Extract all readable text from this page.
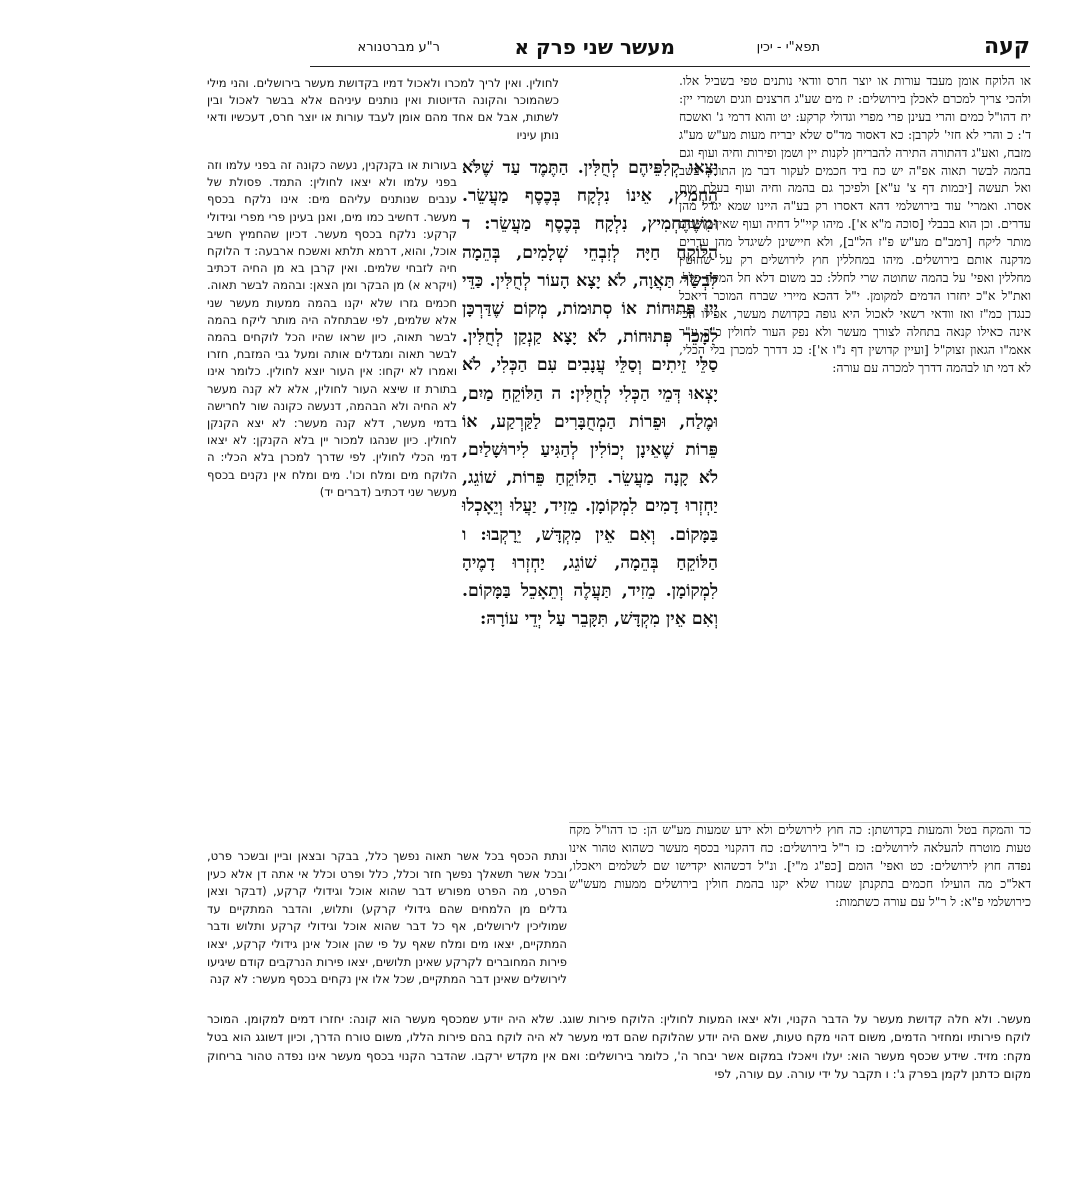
קעה
תפא"י - יכין
מעשר שני פרק א
ר"ע מברטנורא

או הלוקח אומן מעבד עורות או יוצר חרס וודאי נותנים טפי בשביל אלו. ולהכי צריך למכרם לאכלן בירושלים: יז מים שע"ג חרצנים וזגים ושמרי יין: יח דהו"ל כמים והרי בעינן פרי מפרי וגדולי קרקע: יט והוא דרמי ג' ואשכח ד': כ והרי לא חזי' לקרבן: כא דאסור מד"ס שלא יבריח מעות מע"ש מע"ג מזבח, ואע"ג דהתורה התירה להבריחן לקנות יין ושמן ופירות וחיה ועוף וגם בהמה לבשר תאוה אפ"ה יש כח ביד חכמים לעקור דבר מן התורה בשב ואל תעשה [יבמות דף צ' ע"א] ולפיכך גם בהמה וחיה ועוף בעלת מום אסרו. ואמרי' עוד בירושלמי דהא דאסרו רק בע"ה היינו שמא יגדל מהן עדרים. וכן הוא בבבלי [סוכה מ"א א']. מיהו קיי"ל דחיה ועוף שאין קריבים מותר ליקח [רמב"ם מע"ש פ"ז הל"ב], ולא חיישינן לשיגדל מהן עדרים מדקנה אותם בירושלים. מיהו במחללין חוץ לירושלים רק על שחוטין מחללין ואפי' על בהמה שחוטה שרי לחלל: כב משום דלא חל המקח כלל, ואת"ל א"כ יחזרו הדמים למקומן. י"ל דהכא מיירי שברח המוכר דיאכל כנגדן כמ"ז ואז וודאי רשאי לאכול היא גופה בקדושת מעשר, אפילו הכי אינה כאילו קנאה בתחלה לצורך מעשר ולא נפק העור לחולין כ"כ ע"ר אאמ"ו הגאון זצוק"ל [ועיין קדושין דף נ"ו א']: כג דדרך למכרן בלי הכלי, לא דמי תו לבהמה דדרך למכרה עם עורה:

לחולין. ואין לריך למכרו ולאכול דמיו בקדושת מעשר בירושלים. והני מילי כשהמוכר והקונה הדיוטות ואין נותנים עיניהם אלא בבשר לאכול ובין לשתות, אבל אם אחד מהם אומן לעבד עורות או יוצר חרס, דעכשיו ודאי נותן עיניו

יָצְאוּ קְלִפֵּיהֶם לְחֻלִּין. הַתֶּמֶד עַד שֶׁלֹּא הֶחְמִיץ, אֵינוֹ נִלְקָח בְּכֶסֶף מַעֲשֵׂר. וּמִשֶּׁהֶחְמִיץ, נִלְקָח בְּכֶסֶף מַעֲשֵׂר: ד הַלּוֹקֵחַ חַיָּה לְזִבְחֵי שְׁלָמִים, בְּהֵמָה לִבְשַׂר תַּאֲוָה, לֹא יָצָא הָעוֹר לְחֻלִּין. כַּדֵּי יַיִן פְּתוּחוֹת אוֹ סְתוּמוֹת, מְקוֹם שֶׁדַּרְכָּן לִמָּכֵר פְּתוּחוֹת, לֹא יָצָא קַנְקַן לְחֻלִּין. סַלֵּי זֵיתִים וְסַלֵּי עֲנָבִים עִם הַכְּלִי, לֹא יָצְאוּ דְּמֵי הַכְּלִי לְחֻלִּין: ה הַלּוֹקֵחַ מַיִם, וּמֶלַח, וּפֵרוֹת הַמְחֻבָּרִים לַקַּרְקַע, אוֹ פֵּרוֹת שֶׁאֵינָן יְכוֹלִין לְהַגִּיעַ לִירוּשָׁלַיִם, לֹא קָנָה מַעֲשֵׂר. הַלּוֹקֵחַ פֵּרוֹת, שׁוֹגֵג, יַחְזְרוּ דָמִים לִמְקוֹמָן. מֵזִיד, יַעֲלוּ וְיֵאָכְלוּ בַּמָּקוֹם. וְאִם אֵין מִקְדָּשׁ, יֵרָקְבוּ: ו הַלּוֹקֵחַ בְּהֵמָה, שׁוֹגֵג, יַחְזְרוּ דָמֶיהָ לִמְקוֹמָן. מֵזִיד, תַּעֲלֶה וְתֵאָכֵל בַּמָּקוֹם. וְאִם אֵין מִקְדָּשׁ, תִּקָּבֵר עַל יְדֵי עוֹרָהּ:

בעורות או בקנקנין, נעשה כקונה זה בפני עלמו וזה בפני עלמו ולא יצאו לחולין: התמד. פסולת של ענבים שנותנים עליהם מים: אינו נלקח בכסף מעשר. דחשיב כמו מים, ואנן בעינן פרי מפרי וגידולי קרקע: נלקח בכסף מעשר. דכיון שהחמיץ חשיב אוכל, והוא, דרמא תלתא ואשכח ארבעה: ד הלוקח חיה לזבחי שלמים. ואין קרבן בא מן החיה דכתיב (ויקרא א) מן הבקר ומן הצאן: ובהמה לבשר תאוה. חכמים גזרו שלא יקנו בהמה ממעות מעשר שני אלא שלמים, לפי שבתחלה היה מותר ליקח בהמה לבשר תאוה, כיון שראו שהיו הכל לוקחים בהמה לבשר תאוה ומגדלים אותה ומעל גבי המזבח, חזרו ואמרו לא יקחו: אין העור יוצא לחולין. כלומר אינו בתורת זו שיצא העור לחולין, אלא לא קנה מעשר לא החיה ולא הבהמה, דנעשה כקונה שור לחרישה בדמי מעשר, דלא קנה מעשר: לא יצא הקנקן לחולין. כיון שנהגו למכור יין בלא הקנקן: לא יצאו דמי הכלי לחולין. לפי שדרך למכרן בלא הכלי: ה הלוקח מים ומלח וכו'. מים ומלח אין נקנים בכסף מעשר שני דכתיב (דברים יד)

כד והמקח בטל והמעות בקדושתן: כה חוץ לירושלים ולא ידע שמעות מע"ש הן: כו דהו"ל מקח טעות מוטרח להעלאה לירושלים: כז ר"ל בירושלים: כח דהקנוי בכסף מעשר כשהוא טהור אינו נפדה חוץ לירושלים: כט ואפי' הומם [כפ"ג מ"י]. ונ"ל דכשהוא יקדישו שם לשלמים ויאכלו, דאל"כ מה הועילו חכמים בתקנתן שגזרו שלא יקנו בהמת חולין בירושלים ממעות מעש"ש כירושלמי פ"א: ל ר"ל עם עורה כשתמות:

ונתת הכסף בכל אשר תאוה נפשך כלל, בבקר ובצאן וביין ובשכר פרט, ובכל אשר תשאלך נפשך חזר וכלל, כלל ופרט וכלל אי אתה דן אלא כעין הפרט, מה הפרט מפורש דבר שהוא אוכל וגידולי קרקע, (דבקר וצאן גדלים מן הלמחים שהם גידולי קרקע) ותלוש, והדבר המתקיים עד שמוליכין לירושלים, אף כל דבר שהוא אוכל וגידולי קרקע ותלוש ודבר המתקיים, יצאו מים ומלח שאף על פי שהן אוכל אינן גידולי קרקע, יצאו פירות המחוברים לקרקע שאינן תלושים, יצאו פירות הנרקבים קודם שיגיעו לירושלים שאינן דבר המתקיים, שכל אלו אין נקחים בכסף מעשר: לא קנה

מעשר. ולא חלה קדושת מעשר על הדבר הקנוי, ולא יצאו המעות לחולין: הלוקח פירות שוגג. שלא היה יודע שמכסף מעשר הוא קונה: יחזרו דמים למקומן. המוכר לוקח פירותיו ומחזיר הדמים, משום דהוי מקח טעות, שאם היה יודע שהלוקח שהם דמי מעשר לא היה לוקח בהם פירות הללו, משום טורח הדרך, וכיון דשוגג הוא בטל מקח: מזיד. שידע שכסף מעשר הוא: יעלו ויאכלו במקום אשר יבחר ה', כלומר בירושלים: ואם אין מקדש ירקבו. שהדבר הקנוי בכסף מעשר אינו נפדה טהור בריחוק מקום כדתנן לקמן בפרק ג': ו תקבר על ידי עורה. עם עורה, לפי
